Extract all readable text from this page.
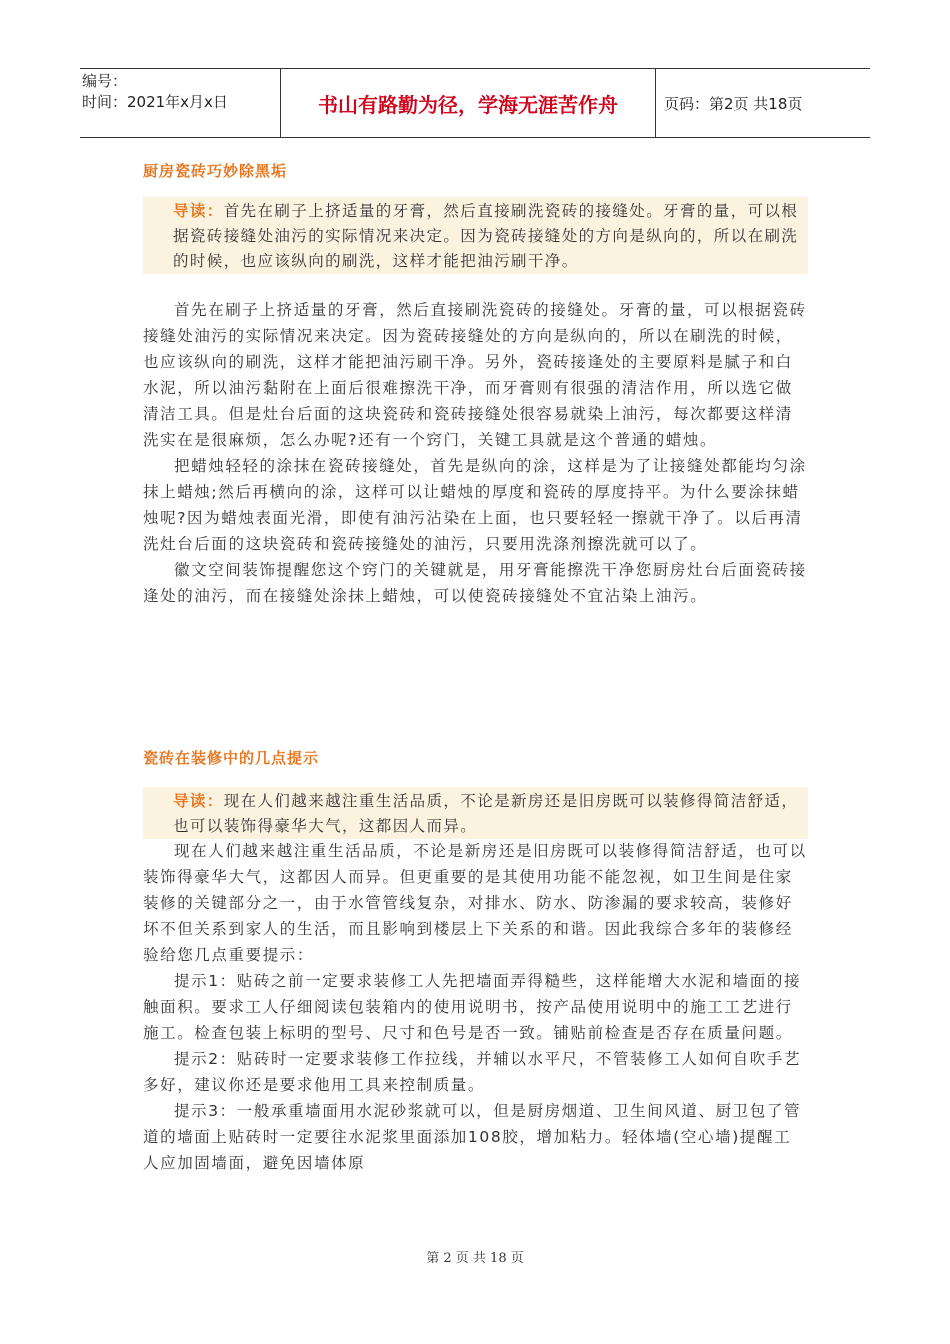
编号：
时间：2021年x月x日	书山有路勤为径，学海无涯苦作舟	页码：第2页 共18页
厨房瓷砖巧妙除黑垢
导读：首先在刷子上挤适量的牙膏，然后直接刷洗瓷砖的接缝处。牙膏的量，可以根据瓷砖接缝处油污的实际情况来决定。因为瓷砖接缝处的方向是纵向的，所以在刷洗的时候，也应该纵向的刷洗，这样才能把油污刷干净。

首先在刷子上挤适量的牙膏，然后直接刷洗瓷砖的接缝处。牙膏的量，可以根据瓷砖接缝处油污的实际情况来决定。因为瓷砖接缝处的方向是纵向的，所以在刷洗的时候，也应该纵向的刷洗，这样才能把油污刷干净。另外，瓷砖接逢处的主要原料是腻子和白水泥，所以油污黏附在上面后很难擦洗干净，而牙膏则有很强的清洁作用，所以选它做清洁工具。但是灶台后面的这块瓷砖和瓷砖接缝处很容易就染上油污，每次都要这样清洗实在是很麻烦，怎么办呢?还有一个窍门，关键工具就是这个普通的蜡烛。

把蜡烛轻轻的涂抹在瓷砖接缝处，首先是纵向的涂，这样是为了让接缝处都能均匀涂抹上蜡烛;然后再横向的涂，这样可以让蜡烛的厚度和瓷砖的厚度持平。为什么要涂抹蜡烛呢?因为蜡烛表面光滑，即使有油污沾染在上面，也只要轻轻一擦就干净了。以后再清洗灶台后面的这块瓷砖和瓷砖接缝处的油污，只要用洗涤剂擦洗就可以了。

徽文空间装饰提醒您这个窍门的关键就是，用牙膏能擦洗干净您厨房灶台后面瓷砖接逢处的油污，而在接缝处涂抹上蜡烛，可以使瓷砖接缝处不宜沾染上油污。

瓷砖在装修中的几点提示
导读：现在人们越来越注重生活品质，不论是新房还是旧房既可以装修得简洁舒适，也可以装饰得豪华大气，这都因人而异。

现在人们越来越注重生活品质，不论是新房还是旧房既可以装修得简洁舒适，也可以装饰得豪华大气，这都因人而异。但更重要的是其使用功能不能忽视，如卫生间是住家装修的关键部分之一，由于水管管线复杂，对排水、防水、防渗漏的要求较高，装修好坏不但关系到家人的生活，而且影响到楼层上下关系的和谐。因此我综合多年的装修经验给您几点重要提示：

提示1：贴砖之前一定要求装修工人先把墙面弄得糙些，这样能增大水泥和墙面的接触面积。要求工人仔细阅读包装箱内的使用说明书，按产品使用说明中的施工工艺进行施工。检查包装上标明的型号、尺寸和色号是否一致。铺贴前检查是否存在质量问题。

提示2：贴砖时一定要求装修工作拉线，并辅以水平尺，不管装修工人如何自吹手艺多好，建议你还是要求他用工具来控制质量。

提示3：一般承重墙面用水泥砂浆就可以，但是厨房烟道、卫生间风道、厨卫包了管道的墙面上贴砖时一定要往水泥浆里面添加108胶，增加粘力。轻体墙(空心墙)提醒工人应加固墙面，避免因墙体原

第 2 页 共 18 页
